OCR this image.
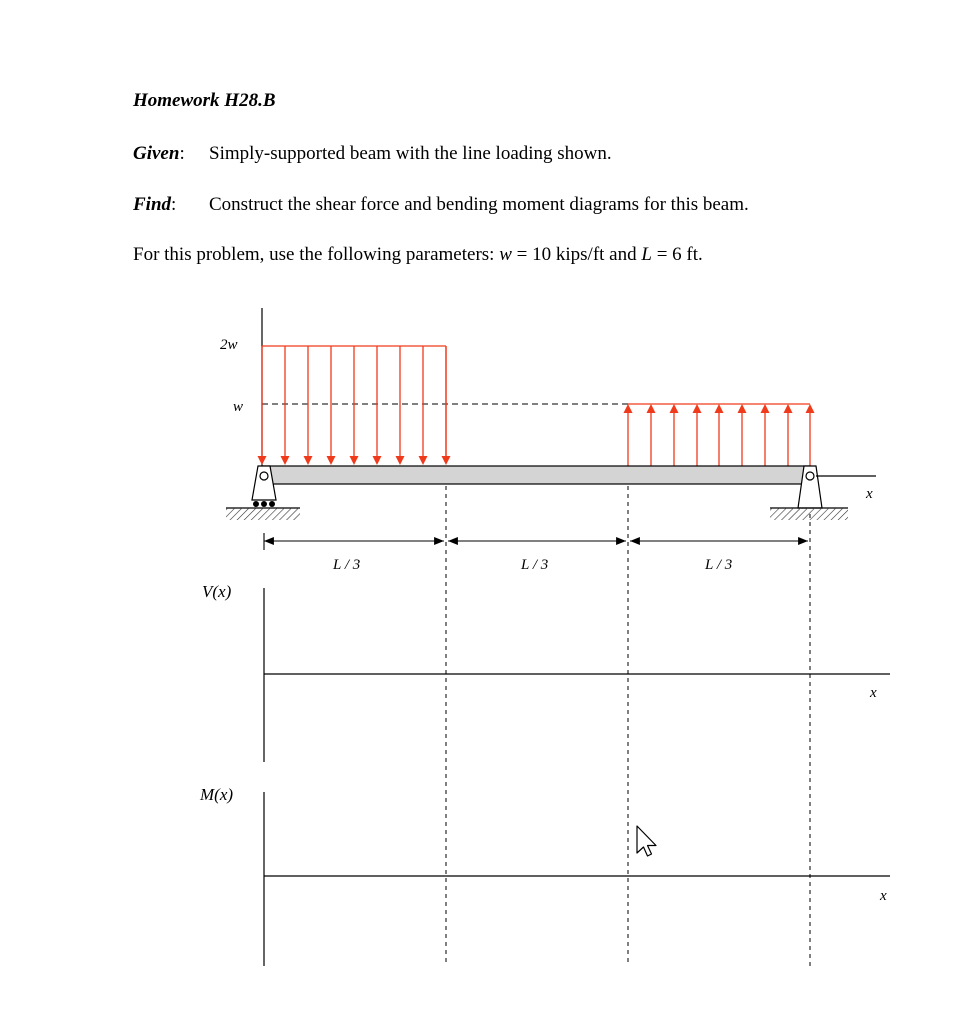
Homework H28.B
Given: Simply-supported beam with the line loading shown.
Find: Construct the shear force and bending moment diagrams for this beam.
For this problem, use the following parameters: w = 10 kips/ft and L = 6 ft.
2w
w
x
L / 3	L / 3	L / 3
V(x)
x
M(x)
x
